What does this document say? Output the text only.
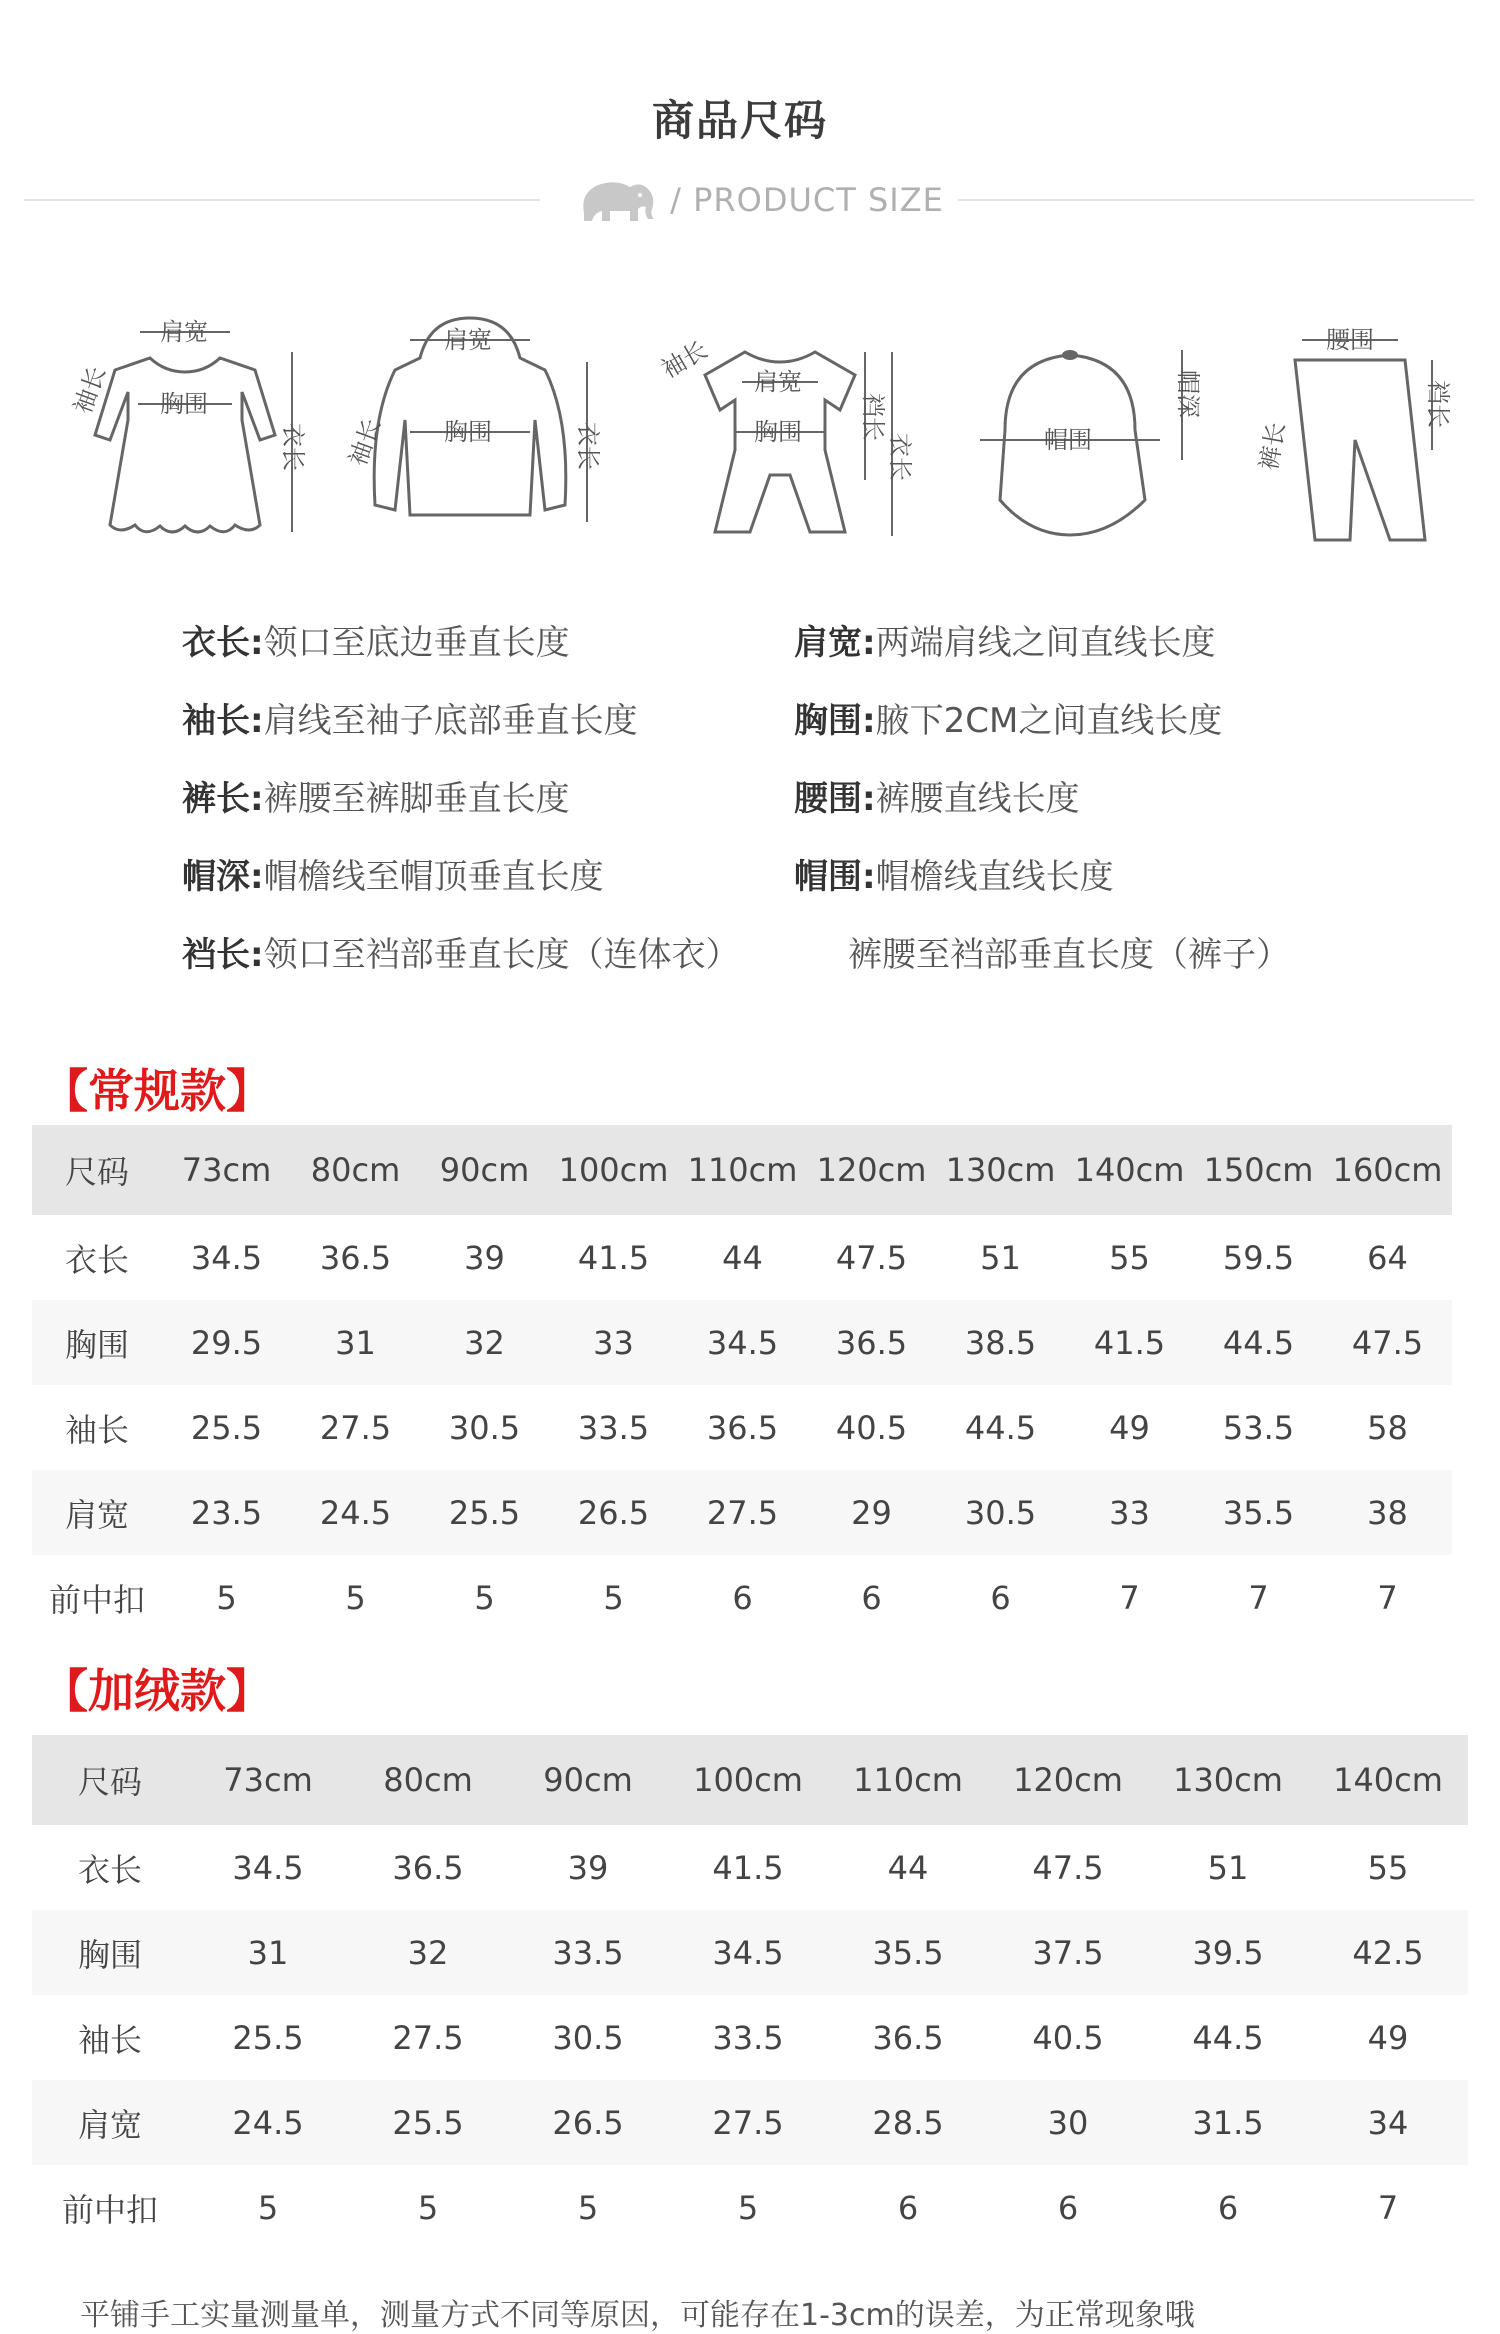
商品尺码
/ PRODUCT SIZE
肩宽
胸围
袖长
衣长
肩宽
胸围
袖长	衣长
肩宽
胸围
袖长
裆长
衣长	帽围
帽深
腰围
裤长
裆长
衣长:领口至底边垂直长度	肩宽:两端肩线之间直线长度
袖长:肩线至袖子底部垂直长度	胸围:腋下2CM之间直线长度
裤长:裤腰至裤脚垂直长度	腰围:裤腰直线长度
帽深:帽檐线至帽顶垂直长度	帽围:帽檐线直线长度
裆长:领口至裆部垂直长度（连体衣）	裤腰至裆部垂直长度（裤子）
【常规款】
尺码	73cm	80cm	90cm	100cm	110cm	120cm	130cm	140cm	150cm	160cm
衣长	34.5	36.5	39	41.5	44	47.5	51	55	59.5	64
胸围	29.5	31	32	33	34.5	36.5	38.5	41.5	44.5	47.5
袖长	25.5	27.5	30.5	33.5	36.5	40.5	44.5	49	53.5	58
肩宽	23.5	24.5	25.5	26.5	27.5	29	30.5	33	35.5	38
前中扣	5	5	5	5	6	6	6	7	7	7
【加绒款】
尺码	73cm	80cm	90cm	100cm	110cm	120cm	130cm	140cm
衣长	34.5	36.5	39	41.5	44	47.5	51	55
胸围	31	32	33.5	34.5	35.5	37.5	39.5	42.5
袖长	25.5	27.5	30.5	33.5	36.5	40.5	44.5	49
肩宽	24.5	25.5	26.5	27.5	28.5	30	31.5	34
前中扣	5	5	5	5	6	6	6	7
平铺手工实量测量单，测量方式不同等原因，可能存在1-3cm的误差，为正常现象哦
